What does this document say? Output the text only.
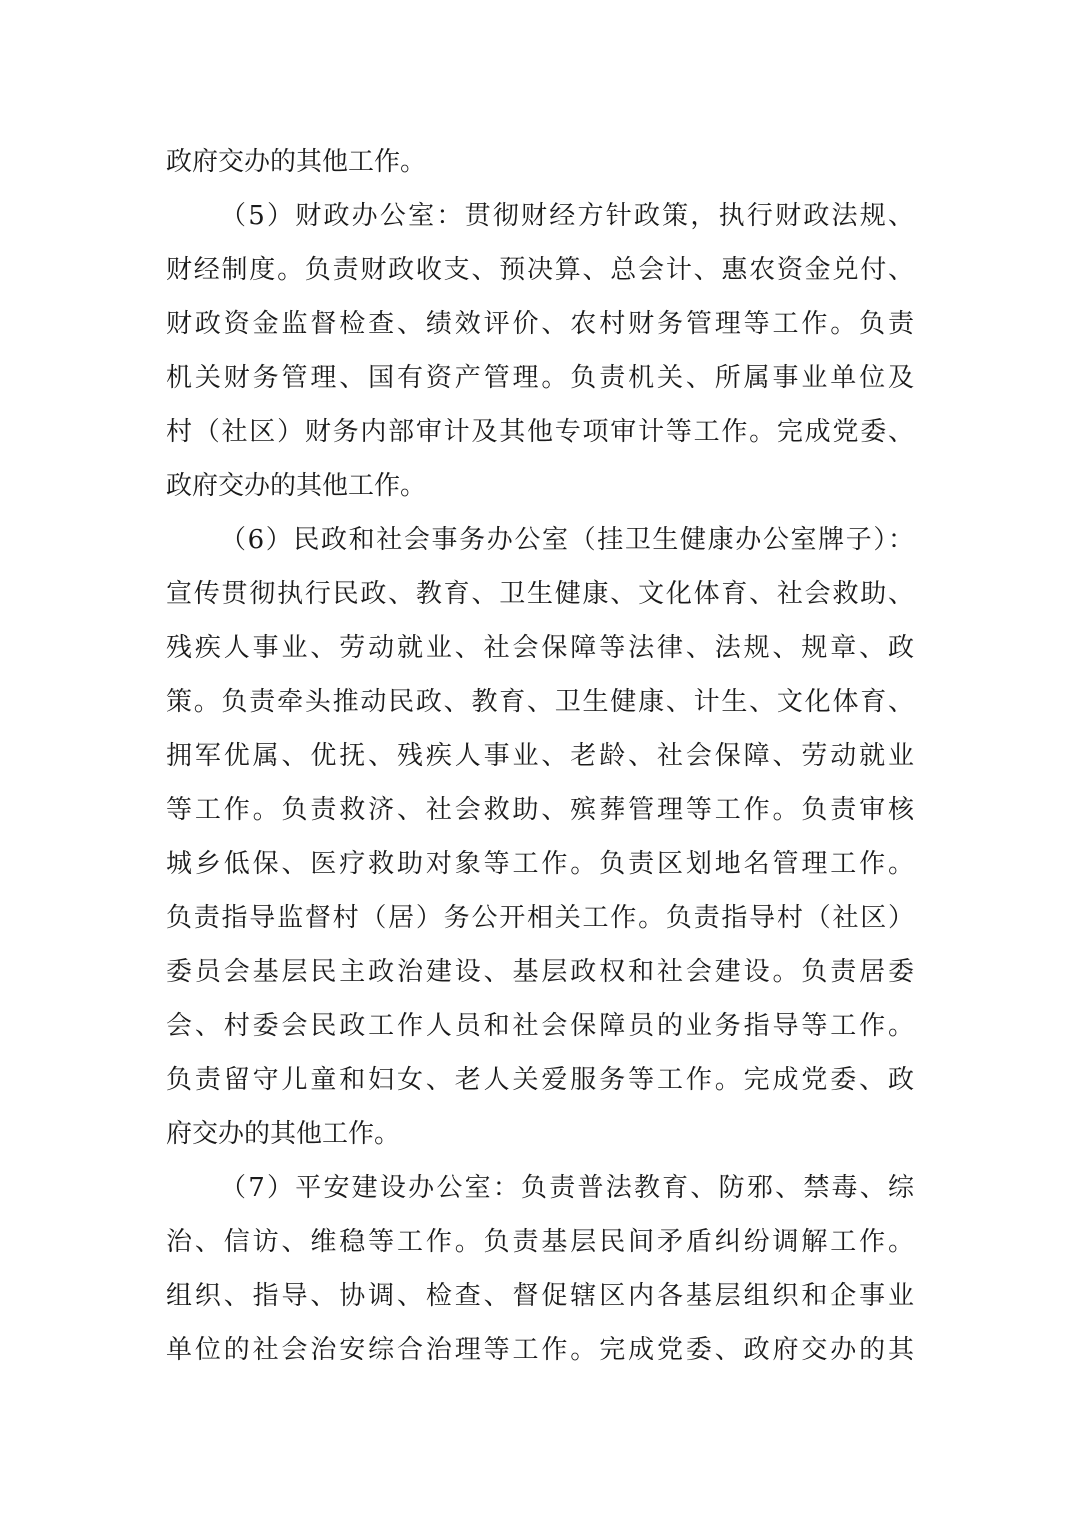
政府交办的其他工作。
（5）财政办公室：贯彻财经方针政策，执行财政法规、
财经制度。负责财政收支、预决算、总会计、惠农资金兑付、
财政资金监督检查、绩效评价、农村财务管理等工作。负责
机关财务管理、国有资产管理。负责机关、所属事业单位及
村（社区）财务内部审计及其他专项审计等工作。完成党委、
政府交办的其他工作。
（6）民政和社会事务办公室（挂卫生健康办公室牌子）：
宣传贯彻执行民政、教育、卫生健康、文化体育、社会救助、
残疾人事业、劳动就业、社会保障等法律、法规、规章、政
策。负责牵头推动民政、教育、卫生健康、计生、文化体育、
拥军优属、优抚、残疾人事业、老龄、社会保障、劳动就业
等工作。负责救济、社会救助、殡葬管理等工作。负责审核
城乡低保、医疗救助对象等工作。负责区划地名管理工作。
负责指导监督村（居）务公开相关工作。负责指导村（社区）
委员会基层民主政治建设、基层政权和社会建设。负责居委
会、村委会民政工作人员和社会保障员的业务指导等工作。
负责留守儿童和妇女、老人关爱服务等工作。完成党委、政
府交办的其他工作。
（7）平安建设办公室：负责普法教育、防邪、禁毒、综
治、信访、维稳等工作。负责基层民间矛盾纠纷调解工作。
组织、指导、协调、检查、督促辖区内各基层组织和企事业
单位的社会治安综合治理等工作。完成党委、政府交办的其
